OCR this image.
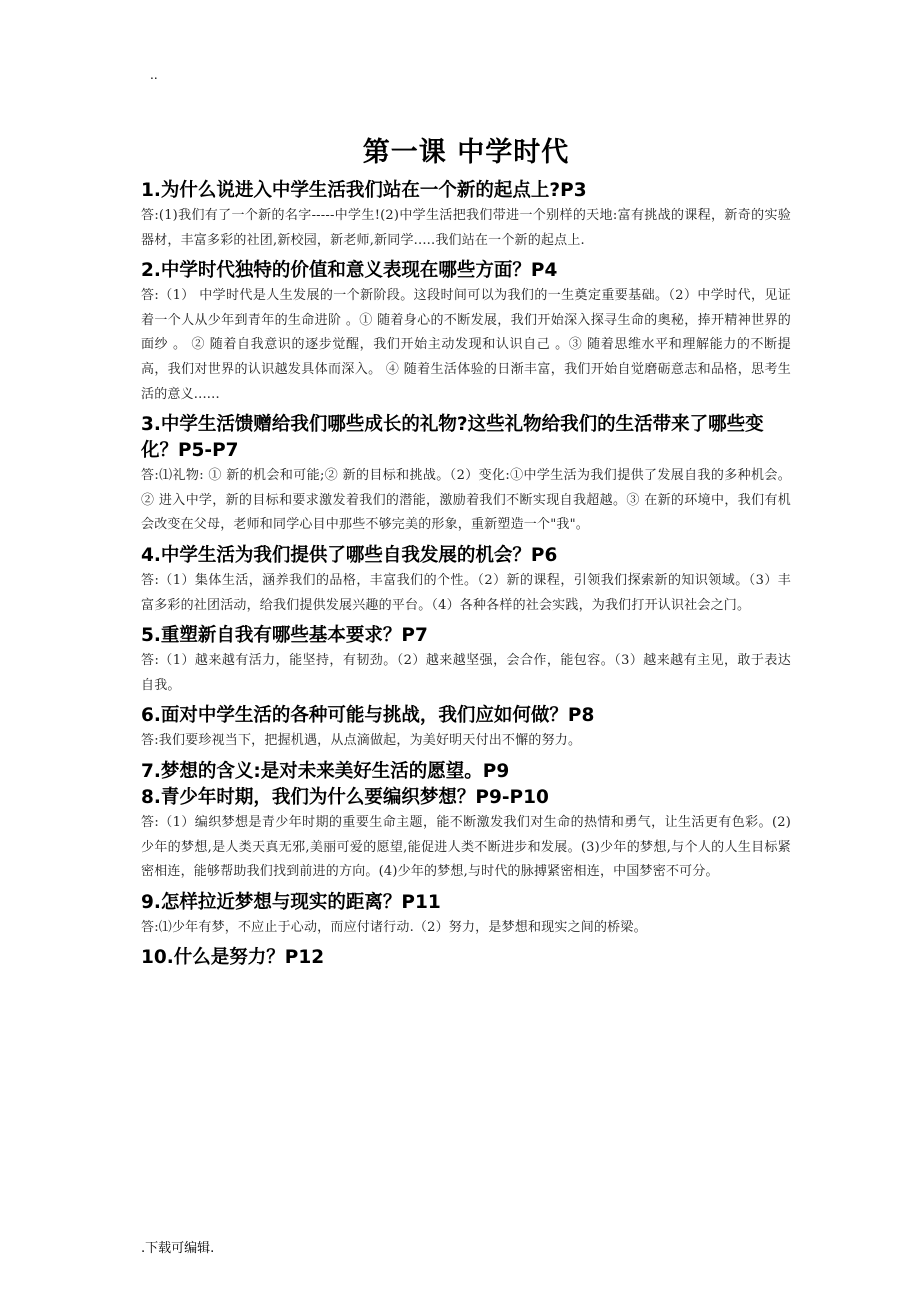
..
第一课 中学时代
1.为什么说进入中学生活我们站在一个新的起点上?P3
答:(1)我们有了一个新的名字-----中学生!(2)中学生活把我们带进一个别样的天地:富有挑战的课程，新奇的实验器材，丰富多彩的社团,新校园，新老师,新同学.....我们站在一个新的起点上.
2.中学时代独特的价值和意义表现在哪些方面？P4
答:（1） 中学时代是人生发展的一个新阶段。这段时间可以为我们的一生奠定重要基础。（2）中学时代，见证着一个人从少年到青年的生命进阶 。① 随着身心的不断发展，我们开始深入探寻生命的奥秘，捧开精神世界的面纱 。 ② 随着自我意识的逐步觉醒，我们开始主动发现和认识自己 。③ 随着思维水平和理解能力的不断提高，我们对世界的认识越发具体而深入。 ④ 随着生活体验的日渐丰富，我们开始自觉磨砺意志和品格，思考生活的意义......
3.中学生活馈赠给我们哪些成长的礼物?这些礼物给我们的生活带来了哪些变化？P5-P7
答:⑴礼物: ① 新的机会和可能;② 新的目标和挑战。（2）变化:①中学生活为我们提供了发展自我的多种机会。② 进入中学，新的目标和要求激发着我们的潜能，激励着我们不断实现自我超越。③ 在新的环境中，我们有机会改变在父母，老师和同学心目中那些不够完美的形象，重新塑造一个"我"。
4.中学生活为我们提供了哪些自我发展的机会？P6
答:（1）集体生活，涵养我们的品格，丰富我们的个性。（2）新的课程，引领我们探索新的知识领域。（3）丰富多彩的社团活动，给我们提供发展兴趣的平台。（4）各种各样的社会实践，为我们打开认识社会之门。
5.重塑新自我有哪些基本要求？P7
答:（1）越来越有活力，能坚持，有韧劲。（2）越来越坚强，会合作，能包容。（3）越来越有主见，敢于表达自我。
6.面对中学生活的各种可能与挑战，我们应如何做？P8
答:我们要珍视当下，把握机遇，从点滴做起，为美好明天付出不懈的努力。
7.梦想的含义:是对未来美好生活的愿望。P9
8.青少年时期，我们为什么要编织梦想？P9-P10
答:（1）编织梦想是青少年时期的重要生命主题，能不断激发我们对生命的热情和勇气，让生活更有色彩。(2)少年的梦想,是人类天真无邪,美丽可爱的愿望,能促进人类不断进步和发展。(3)少年的梦想,与个人的人生目标紧密相连，能够帮助我们找到前进的方向。(4)少年的梦想,与时代的脉搏紧密相连，中国梦密不可分。
9.怎样拉近梦想与现实的距离？P11
答:⑴少年有梦，不应止于心动，而应付诸行动.（2）努力，是梦想和现实之间的桥梁。
10.什么是努力？P12
.下载可编辑.
